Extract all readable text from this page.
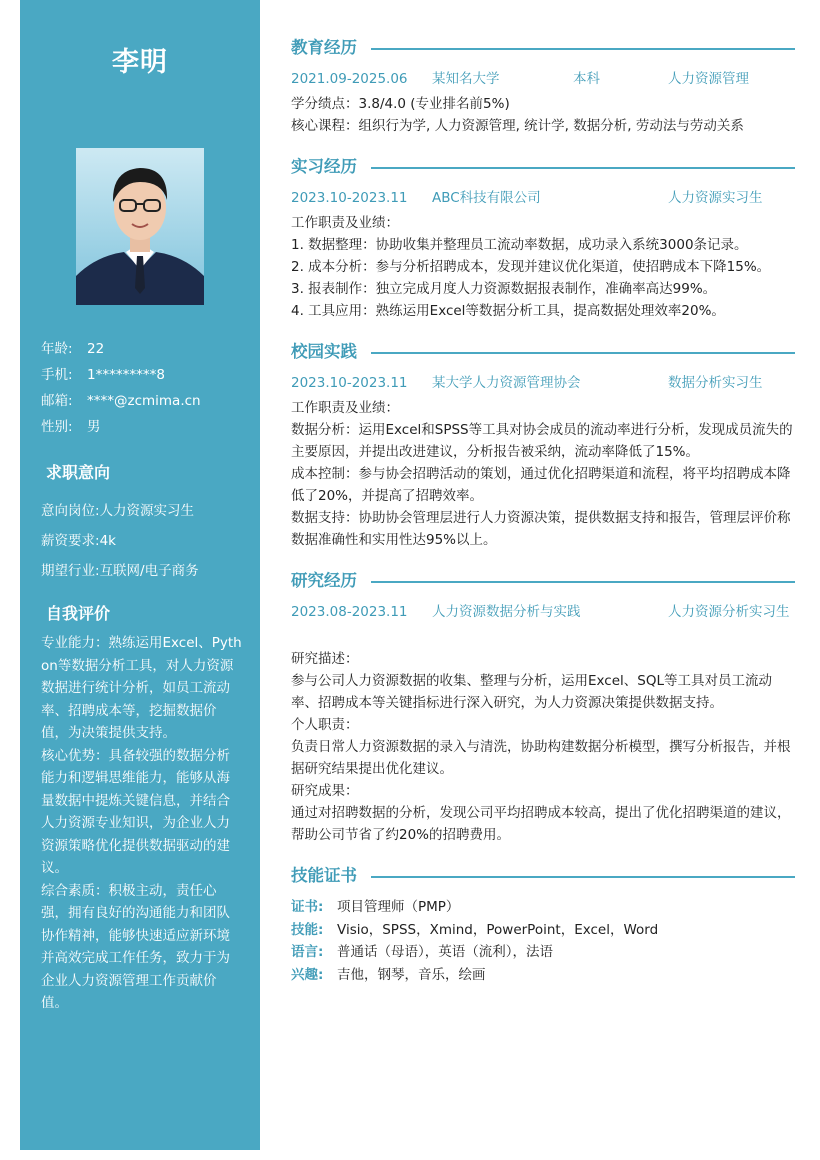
李明
年龄: 22
手机: 1*********8
邮箱: ****@zcmima.cn
性别: 男
求职意向
意向岗位:人力资源实习生
薪资要求:4k
期望行业:互联网/电子商务
自我评价

专业能力：熟练运用Excel、Python等数据分析工具，对人力资源数据进行统计分析，如员工流动率、招聘成本等，挖掘数据价值，为决策提供支持。

核心优势：具备较强的数据分析能力和逻辑思维能力，能够从海量数据中提炼关键信息，并结合人力资源专业知识，为企业人力资源策略优化提供数据驱动的建议。

综合素质：积极主动，责任心强，拥有良好的沟通能力和团队协作精神，能够快速适应新环境并高效完成工作任务，致力于为企业人力资源管理工作贡献价值。

教育经历
2021.09-2025.06 某知名大学	本科	人力资源管理

学分绩点：3.8/4.0 (专业排名前5%)

核心课程：组织行为学, 人力资源管理, 统计学, 数据分析, 劳动法与劳动关系

实习经历
2023.10-2023.11 ABC科技有限公司	人力资源实习生

工作职责及业绩：

1. 数据整理：协助收集并整理员工流动率数据，成功录入系统3000条记录。

2. 成本分析：参与分析招聘成本，发现并建议优化渠道，使招聘成本下降15%。

3. 报表制作：独立完成月度人力资源数据报表制作，准确率高达99%。

4. 工具应用：熟练运用Excel等数据分析工具，提高数据处理效率20%。

校园实践
2023.10-2023.11 某大学人力资源管理协会	数据分析实习生

工作职责及业绩：

数据分析：运用Excel和SPSS等工具对协会成员的流动率进行分析，发现成员流失的主要原因，并提出改进建议，分析报告被采纳，流动率降低了15%。

成本控制：参与协会招聘活动的策划，通过优化招聘渠道和流程，将平均招聘成本降低了20%，并提高了招聘效率。

数据支持：协助协会管理层进行人力资源决策，提供数据支持和报告，管理层评价称数据准确性和实用性达95%以上。

研究经历
2023.08-2023.11 人力资源数据分析与实践	人力资源分析实习生

研究描述：

参与公司人力资源数据的收集、整理与分析，运用Excel、SQL等工具对员工流动率、招聘成本等关键指标进行深入研究，为人力资源决策提供数据支持。

个人职责：

负责日常人力资源数据的录入与清洗，协助构建数据分析模型，撰写分析报告，并根据研究结果提出优化建议。

研究成果：

通过对招聘数据的分析，发现公司平均招聘成本较高，提出了优化招聘渠道的建议，帮助公司节省了约20%的招聘费用。

技能证书
证书: 项目管理师（PMP）
技能: Visio，SPSS，Xmind，PowerPoint，Excel，Word
语言: 普通话（母语），英语（流利），法语
兴趣: 吉他，钢琴，音乐，绘画
